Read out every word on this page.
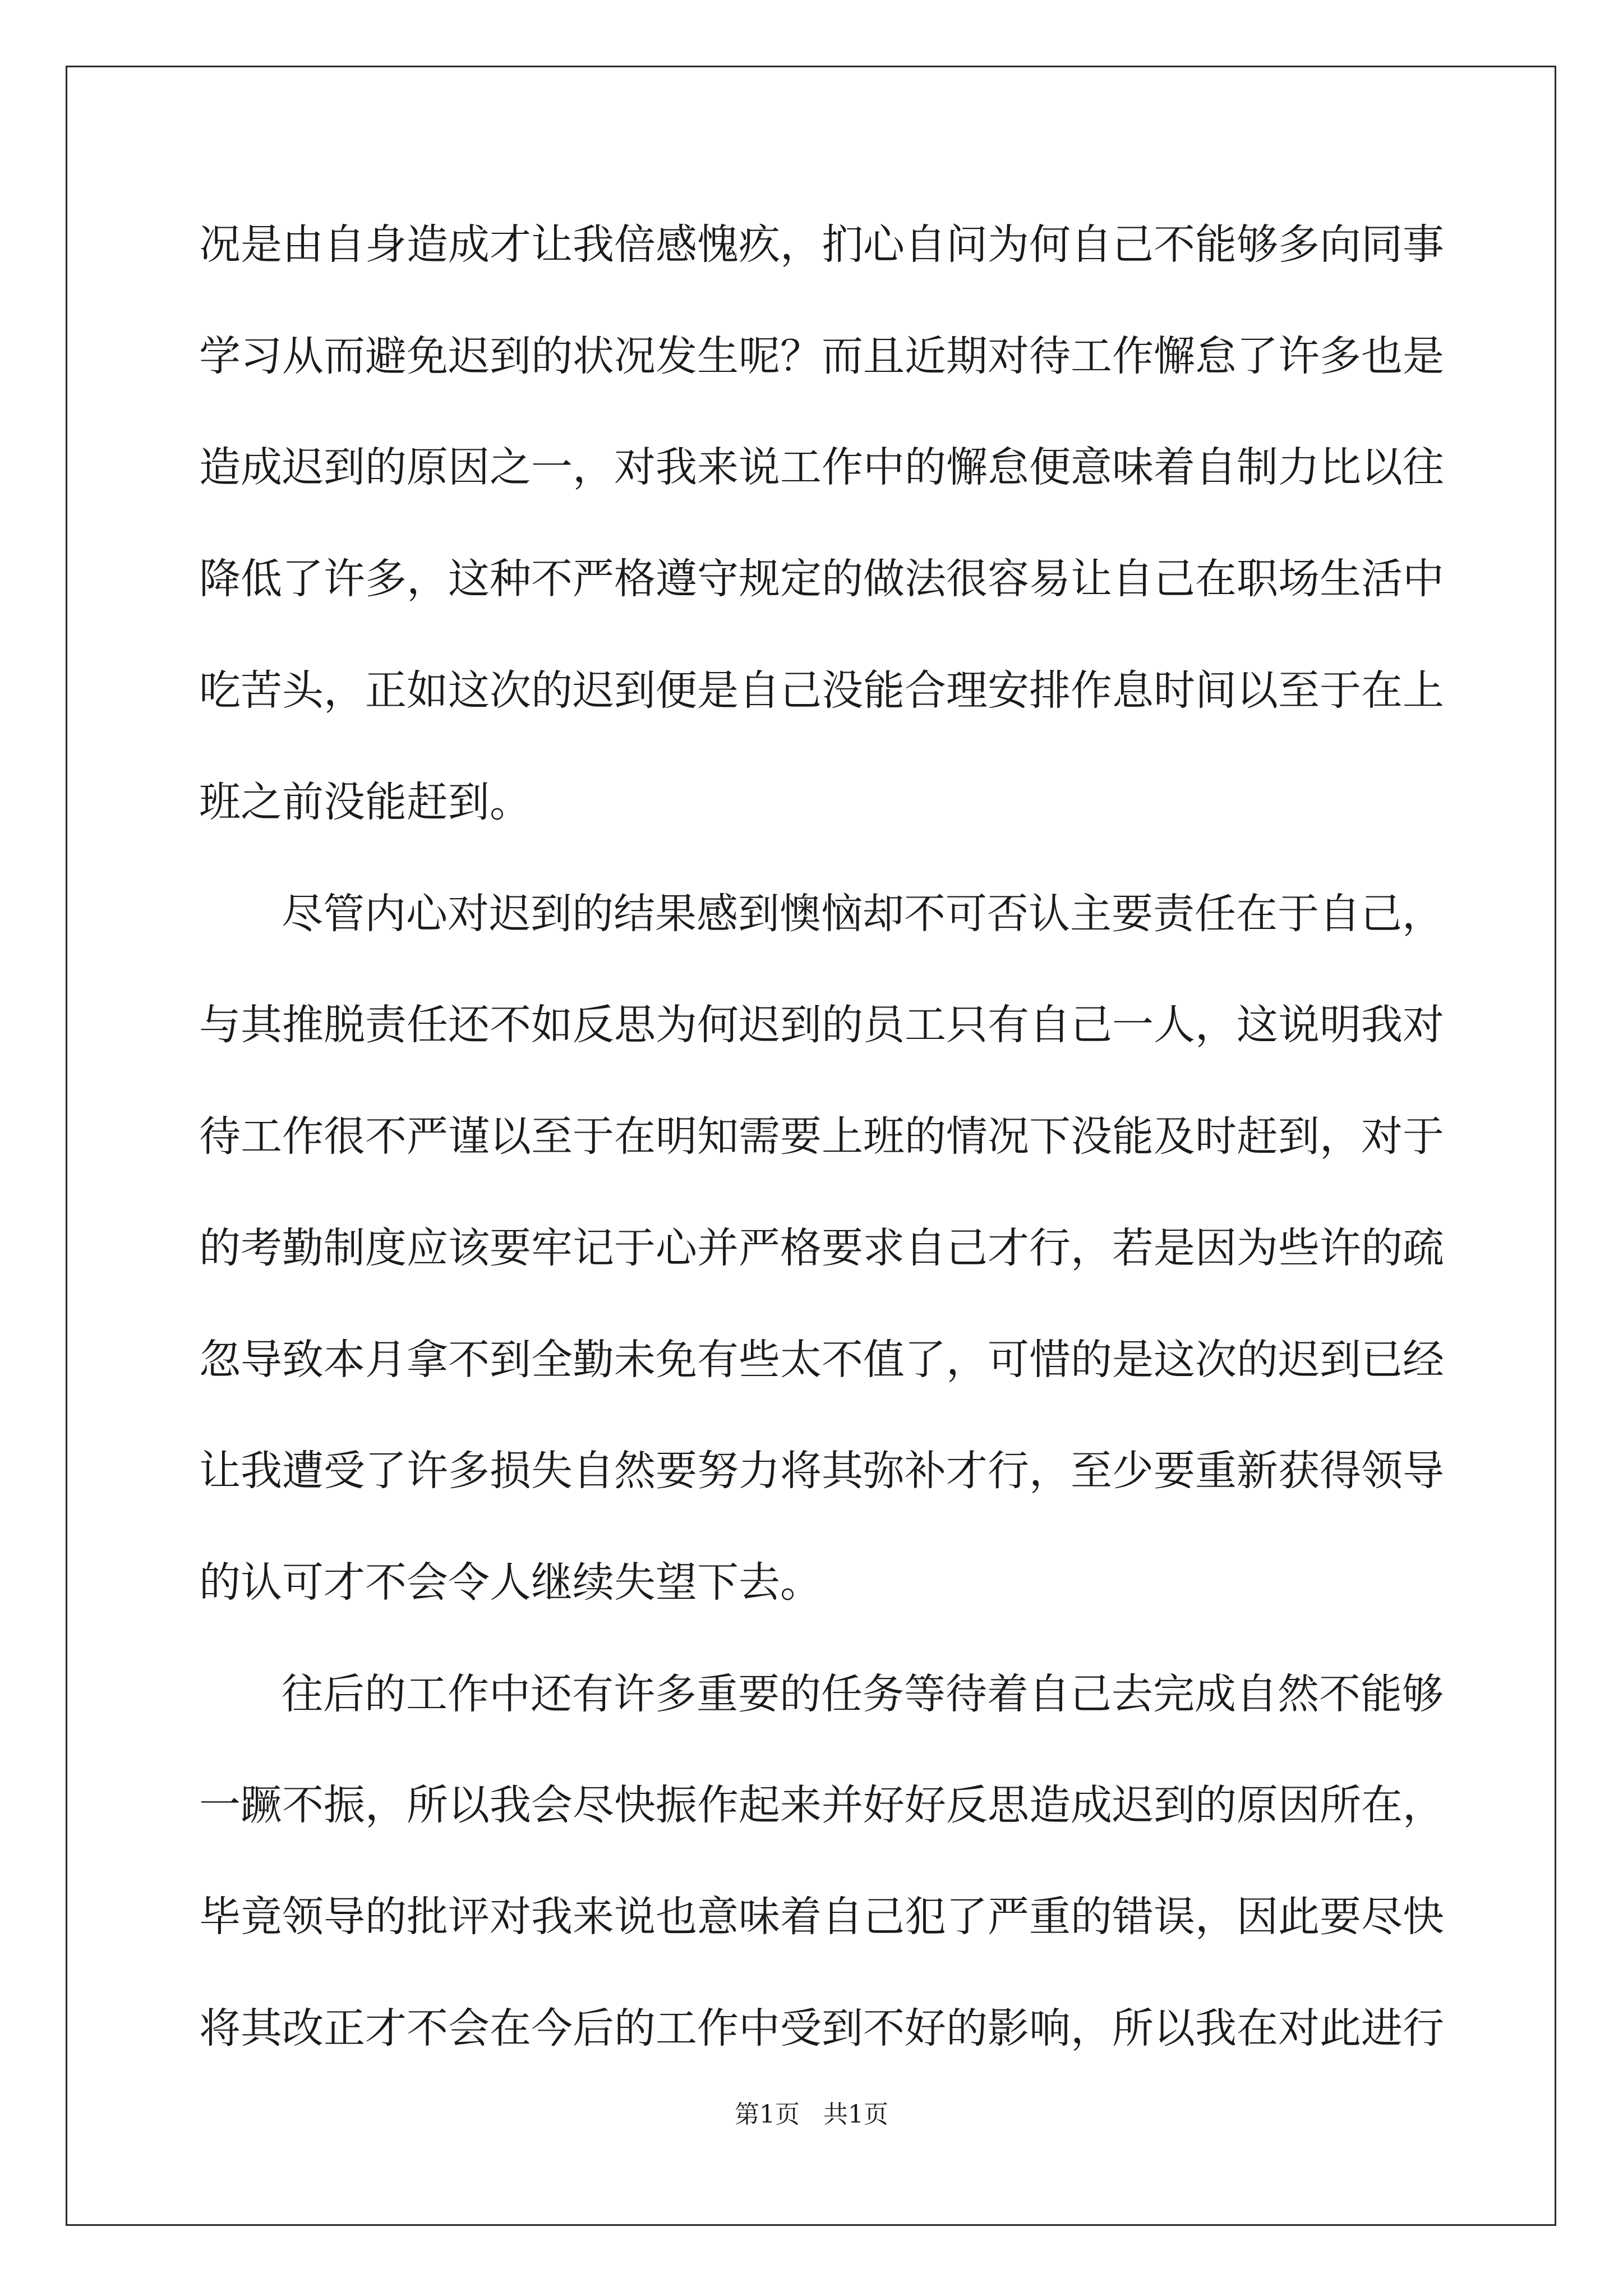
况是由自身造成才让我倍感愧疚，扪心自问为何自己不能够多向同事
学习从而避免迟到的状况发生呢？而且近期对待工作懈怠了许多也是
造成迟到的原因之一，对我来说工作中的懈怠便意味着自制力比以往
降低了许多，这种不严格遵守规定的做法很容易让自己在职场生活中
吃苦头，正如这次的迟到便是自己没能合理安排作息时间以至于在上
班之前没能赶到。
尽管内心对迟到的结果感到懊恼却不可否认主要责任在于自己，
与其推脱责任还不如反思为何迟到的员工只有自己一人，这说明我对
待工作很不严谨以至于在明知需要上班的情况下没能及时赶到，对于
的考勤制度应该要牢记于心并严格要求自己才行，若是因为些许的疏
忽导致本月拿不到全勤未免有些太不值了，可惜的是这次的迟到已经
让我遭受了许多损失自然要努力将其弥补才行，至少要重新获得领导
的认可才不会令人继续失望下去。
往后的工作中还有许多重要的任务等待着自己去完成自然不能够
一蹶不振，所以我会尽快振作起来并好好反思造成迟到的原因所在，
毕竟领导的批评对我来说也意味着自己犯了严重的错误，因此要尽快
将其改正才不会在今后的工作中受到不好的影响，所以我在对此进行
第1页 共1页
